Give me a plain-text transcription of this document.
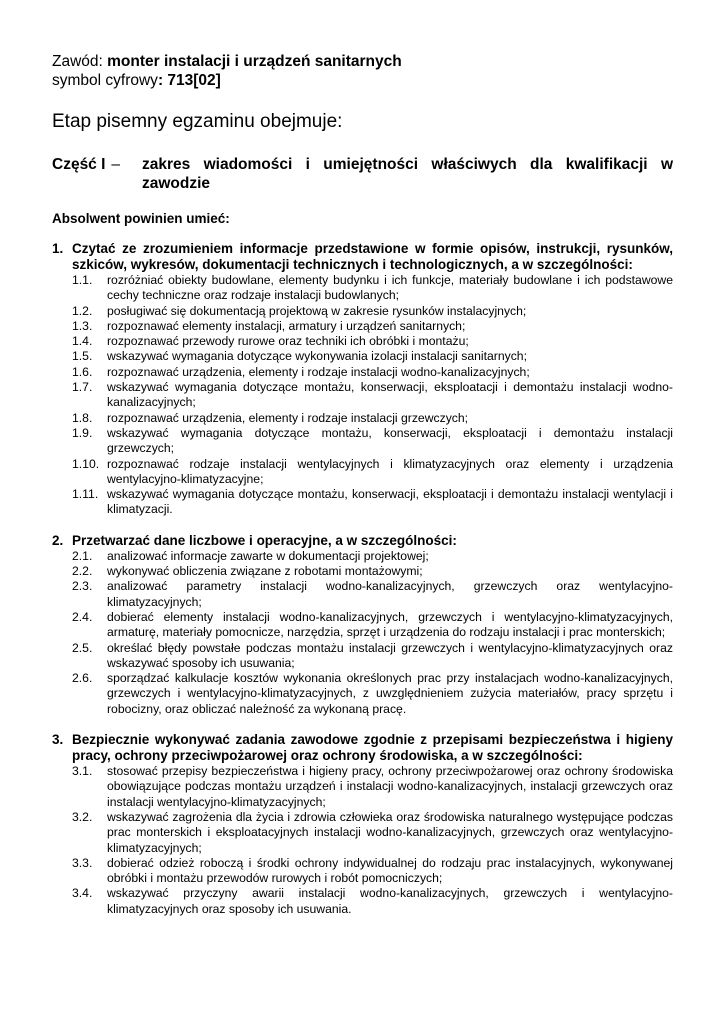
Zawód: monter instalacji i urządzeń sanitarnych
symbol cyfrowy: 713[02]
Etap pisemny egzaminu obejmuje:
Część I –	zakres wiadomości i umiejętności właściwych dla kwalifikacji w zawodzie
Absolwent powinien umieć:
1. Czytać ze zrozumieniem informacje przedstawione w formie opisów, instrukcji, rysunków, szkiców, wykresów, dokumentacji technicznych i technologicznych, a w szczególności:
1.1.	rozróżniać obiekty budowlane, elementy budynku i ich funkcje, materiały budowlane i ich podstawowe cechy techniczne oraz rodzaje instalacji budowlanych;
1.2.	posługiwać się dokumentacją projektową w zakresie rysunków instalacyjnych;
1.3.	rozpoznawać elementy instalacji, armatury i urządzeń sanitarnych;
1.4.	rozpoznawać przewody rurowe oraz techniki ich obróbki i montażu;
1.5.	wskazywać wymagania dotyczące wykonywania izolacji instalacji sanitarnych;
1.6.	rozpoznawać urządzenia, elementy i rodzaje instalacji wodno-kanalizacyjnych;
1.7.	wskazywać wymagania dotyczące montażu, konserwacji, eksploatacji i demontażu instalacji wodno-kanalizacyjnych;
1.8.	rozpoznawać urządzenia, elementy i rodzaje instalacji grzewczych;
1.9.	wskazywać wymagania dotyczące montażu, konserwacji, eksploatacji i demontażu instalacji grzewczych;
1.10. rozpoznawać rodzaje instalacji wentylacyjnych i klimatyzacyjnych oraz elementy i urządzenia wentylacyjno-klimatyzacyjne;
1.11. wskazywać wymagania dotyczące montażu, konserwacji, eksploatacji i demontażu instalacji wentylacji i klimatyzacji.
2. Przetwarzać dane liczbowe i operacyjne, a w szczególności:
2.1.	analizować informacje zawarte w dokumentacji projektowej;
2.2.	wykonywać obliczenia związane z robotami montażowymi;
2.3.	analizować parametry instalacji wodno-kanalizacyjnych, grzewczych oraz wentylacyjno-klimatyzacyjnych;
2.4.	dobierać elementy instalacji wodno-kanalizacyjnych, grzewczych i wentylacyjno-klimatyzacyjnych, armaturę, materiały pomocnicze, narzędzia, sprzęt i urządzenia do rodzaju instalacji i prac monterskich;
2.5.	określać błędy powstałe podczas montażu instalacji grzewczych i wentylacyjno-klimatyzacyjnych oraz wskazywać sposoby ich usuwania;
2.6.	sporządzać kalkulacje kosztów wykonania określonych prac przy instalacjach wodno-kanalizacyjnych, grzewczych i wentylacyjno-klimatyzacyjnych, z uwzględnieniem zużycia materiałów, pracy sprzętu i robocizny, oraz obliczać należność za wykonaną pracę.
3. Bezpiecznie wykonywać zadania zawodowe zgodnie z przepisami bezpieczeństwa i higieny pracy, ochrony przeciwpożarowej oraz ochrony środowiska, a w szczególności:
3.1.	stosować przepisy bezpieczeństwa i higieny pracy, ochrony przeciwpożarowej oraz ochrony środowiska obowiązujące podczas montażu urządzeń i instalacji wodno-kanalizacyjnych, instalacji grzewczych oraz instalacji wentylacyjno-klimatyzacyjnych;
3.2.	wskazywać zagrożenia dla życia i zdrowia człowieka oraz środowiska naturalnego występujące podczas prac monterskich i eksploatacyjnych instalacji wodno-kanalizacyjnych, grzewczych oraz wentylacyjno-klimatyzacyjnych;
3.3.	dobierać odzież roboczą i środki ochrony indywidualnej do rodzaju prac instalacyjnych, wykonywanej obróbki i montażu przewodów rurowych i robót pomocniczych;
3.4.	wskazywać przyczyny awarii instalacji wodno-kanalizacyjnych, grzewczych i wentylacyjno-klimatyzacyjnych oraz sposoby ich usuwania.
